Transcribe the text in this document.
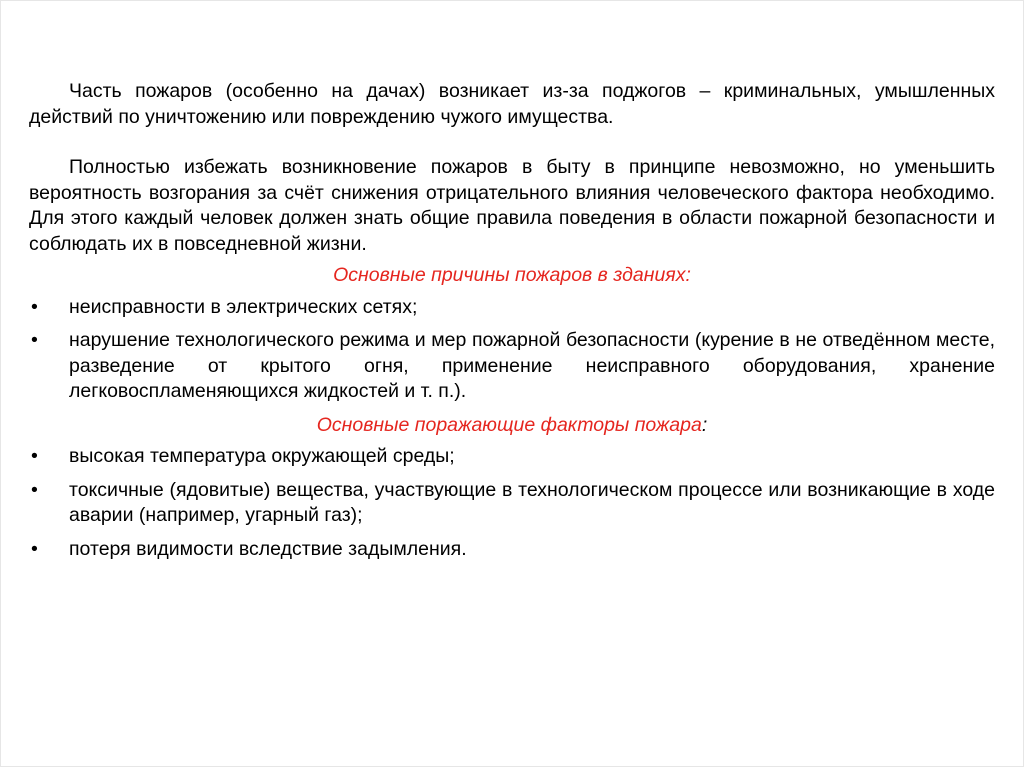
Часть пожаров (особенно на дачах) возникает из-за поджогов – криминальных, умышленных действий по уничтожению или повреждению чужого имущества.

Полностью избежать возникновение пожаров в быту в принципе невозможно, но уменьшить вероятность возгорания за счёт снижения отрицательного влияния человеческого фактора необходимо. Для этого каждый человек должен знать общие правила поведения в области пожарной безопасности и соблюдать их в повседневной жизни.

Основные причины пожаров в зданиях:
• неисправности в электрических сетях;
• нарушение технологического режима и мер пожарной безопасности (курение в не отведённом месте, разведение от крытого огня, применение неисправного оборудования, хранение легковоспламеняющихся жидкостей и т. п.).
Основные поражающие факторы пожара:
• высокая температура окружающей среды;
• токсичные (ядовитые) вещества, участвующие в технологическом процессе или возникающие в ходе аварии (например, угарный газ);
• потеря видимости вследствие задымления.
